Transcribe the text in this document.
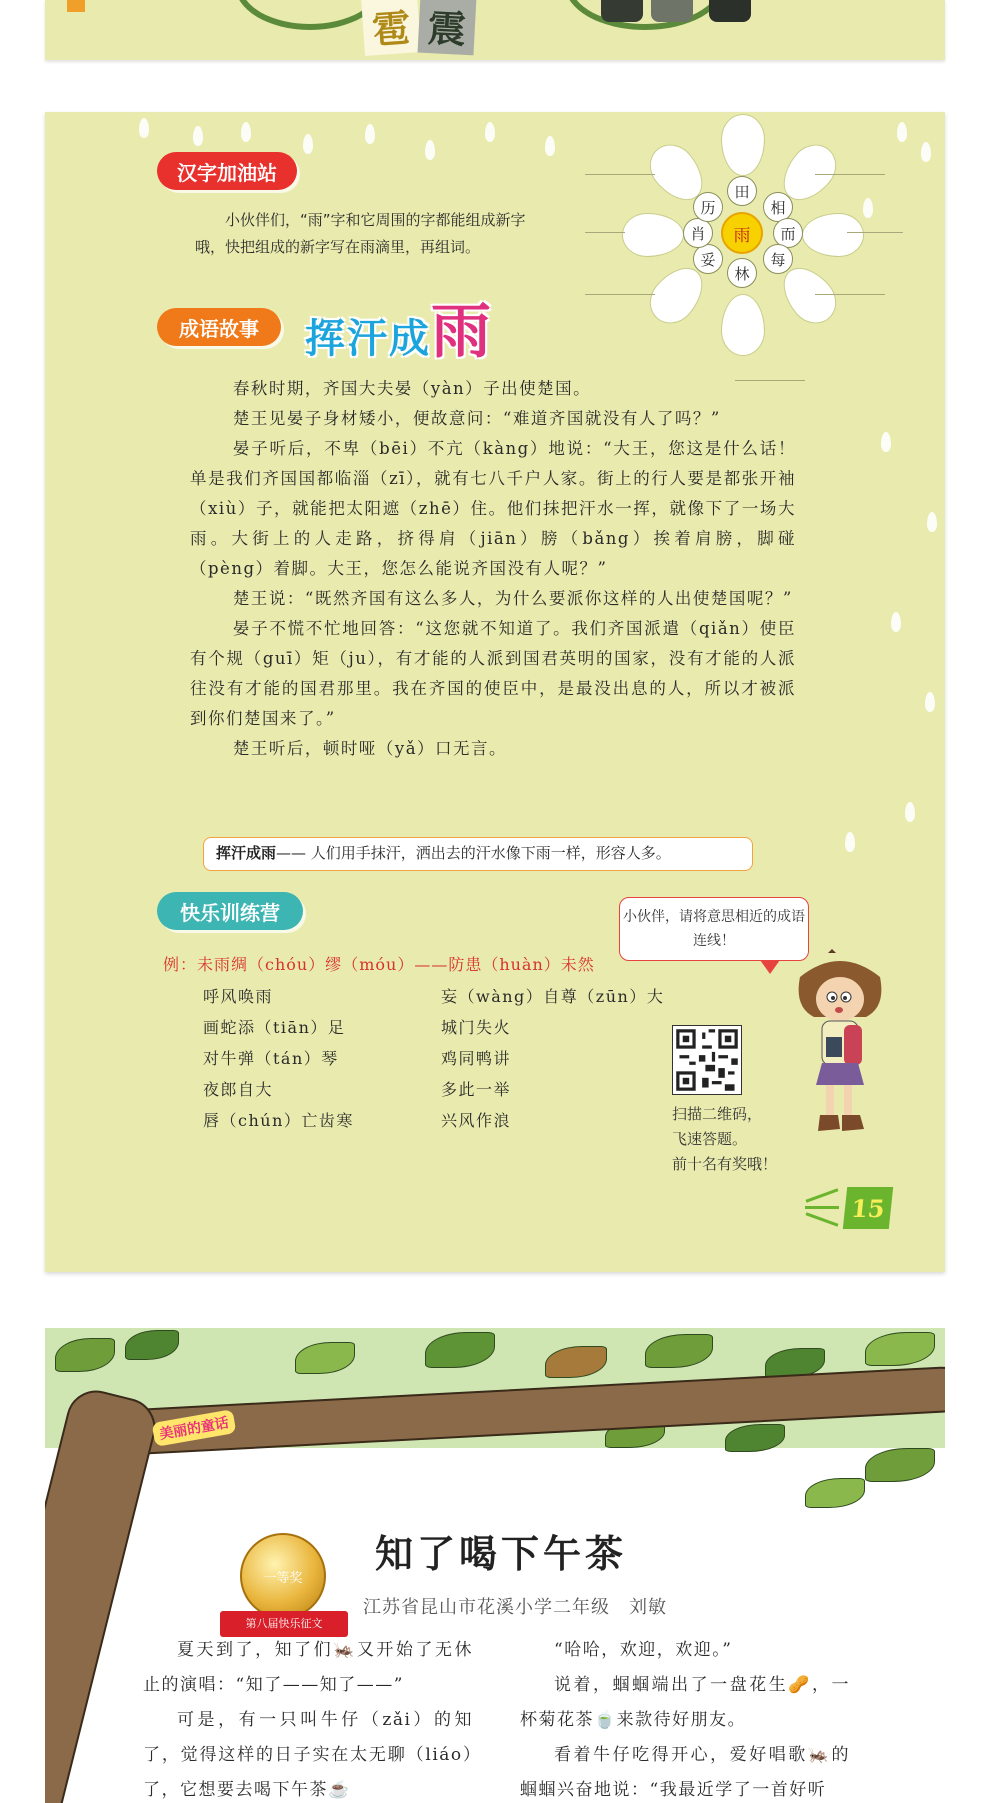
雹 震
汉字加油站
小伙伴们，“雨”字和它周围的字都能组成新字哦，快把组成的新字写在雨滴里，再组词。
雨
田
相
而
每
林
妥
肖
历
成语故事	挥汗成雨

春秋时期，齐国大夫晏（yàn）子出使楚国。

楚王见晏子身材矮小，便故意问：“难道齐国就没有人了吗？”

晏子听后，不卑（bēi）不亢（kàng）地说：“大王，您这是什么话！单是我们齐国国都临淄（zī），就有七八千户人家。街上的行人要是都张开袖（xiù）子，就能把太阳遮（zhē）住。他们抹把汗水一挥，就像下了一场大雨。大街上的人走路，挤得肩（jiān）膀（bǎng）挨着肩膀，脚碰（pèng）着脚。大王，您怎么能说齐国没有人呢？”

楚王说：“既然齐国有这么多人，为什么要派你这样的人出使楚国呢？”

晏子不慌不忙地回答：“这您就不知道了。我们齐国派遣（qiǎn）使臣有个规（guī）矩（ju），有才能的人派到国君英明的国家，没有才能的人派往没有才能的国君那里。我在齐国的使臣中，是最没出息的人，所以才被派到你们楚国来了。”

楚王听后，顿时哑（yǎ）口无言。

挥汗成雨—— 人们用手抹汗，洒出去的汗水像下雨一样，形容人多。
快乐训练营	小伙伴，请将意思相近的成语连线！
例：未雨绸（chóu）缪（móu）——防患（huàn）未然
呼风唤雨
画蛇添（tiān）足
对牛弹（tán）琴
夜郎自大
唇（chún）亡齿寒
妄（wàng）自尊（zūn）大
城门失火
鸡同鸭讲
多此一举
兴风作浪	扫描二维码，
飞速答题。
前十名有奖哦！
15
美丽的童话
一等奖
第八届快乐征文
知了喝下午茶
江苏省昆山市花溪小学二年级　刘敏

夏天到了，知了们🦗又开始了无休止的演唱：“知了——知了——”

可是，有一只叫牛仔（zǎi）的知了，觉得这样的日子实在太无聊（liáo）了，它想要去喝下午茶☕

“哈哈，欢迎，欢迎。”

说着，蝈蝈端出了一盘花生🥜，一杯菊花茶🍵来款待好朋友。

看着牛仔吃得开心，爱好唱歌🦗的蝈蝈兴奋地说：“我最近学了一首好听
